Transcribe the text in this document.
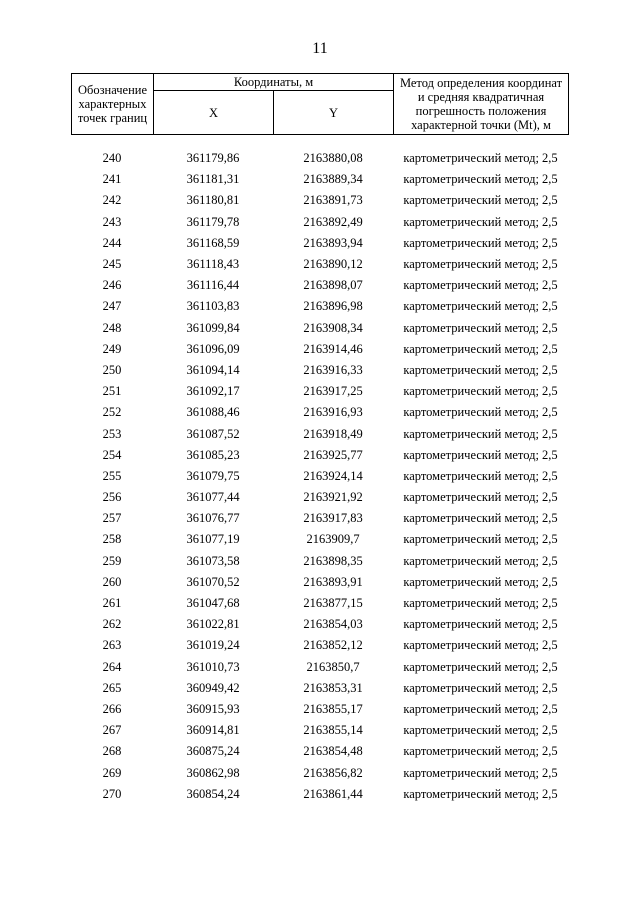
11
Обозначение характерных точек границ	Координаты, м		Метод определения координат и средняя квадратичная погрешность положения характерной точки (Mt), м
	X	Y	
240	361179,86	2163880,08	картометрический метод; 2,5
241	361181,31	2163889,34	картометрический метод; 2,5
242	361180,81	2163891,73	картометрический метод; 2,5
243	361179,78	2163892,49	картометрический метод; 2,5
244	361168,59	2163893,94	картометрический метод; 2,5
245	361118,43	2163890,12	картометрический метод; 2,5
246	361116,44	2163898,07	картометрический метод; 2,5
247	361103,83	2163896,98	картометрический метод; 2,5
248	361099,84	2163908,34	картометрический метод; 2,5
249	361096,09	2163914,46	картометрический метод; 2,5
250	361094,14	2163916,33	картометрический метод; 2,5
251	361092,17	2163917,25	картометрический метод; 2,5
252	361088,46	2163916,93	картометрический метод; 2,5
253	361087,52	2163918,49	картометрический метод; 2,5
254	361085,23	2163925,77	картометрический метод; 2,5
255	361079,75	2163924,14	картометрический метод; 2,5
256	361077,44	2163921,92	картометрический метод; 2,5
257	361076,77	2163917,83	картометрический метод; 2,5
258	361077,19	2163909,7	картометрический метод; 2,5
259	361073,58	2163898,35	картометрический метод; 2,5
260	361070,52	2163893,91	картометрический метод; 2,5
261	361047,68	2163877,15	картометрический метод; 2,5
262	361022,81	2163854,03	картометрический метод; 2,5
263	361019,24	2163852,12	картометрический метод; 2,5
264	361010,73	2163850,7	картометрический метод; 2,5
265	360949,42	2163853,31	картометрический метод; 2,5
266	360915,93	2163855,17	картометрический метод; 2,5
267	360914,81	2163855,14	картометрический метод; 2,5
268	360875,24	2163854,48	картометрический метод; 2,5
269	360862,98	2163856,82	картометрический метод; 2,5
270	360854,24	2163861,44	картометрический метод; 2,5
